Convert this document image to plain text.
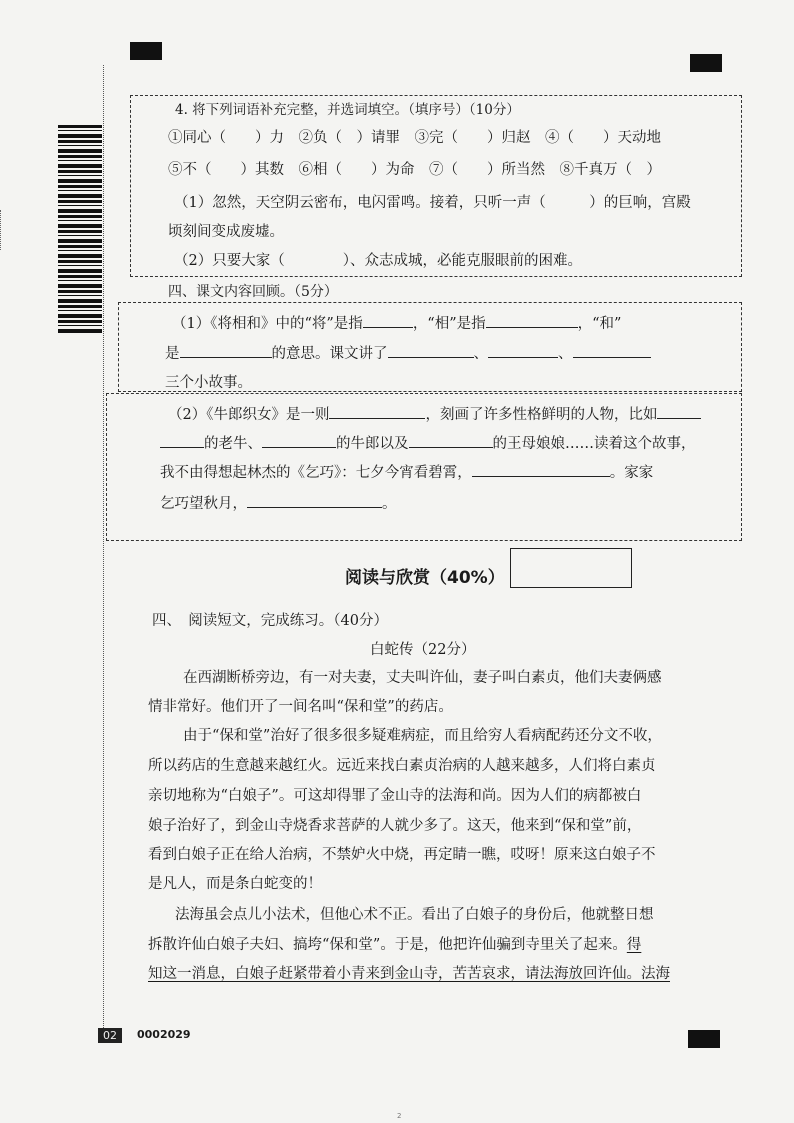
4. 将下列词语补充完整，并选词填空。（填序号）（10分）
①同心（　　）力　②负（　）请罪　③完（　　）归赵　④（　　）天动地
⑤不（　　）其数　⑥相（　　）为命　⑦（　　）所当然　⑧千真万（　）
（1）忽然，天空阴云密布，电闪雷鸣。接着，只听一声（　　　）的巨响，宫殿
顷刻间变成废墟。
（2）只要大家（　　　　）、众志成城，必能克服眼前的困难。
四、课文内容回顾。（5分）
（1）《将相和》中的“将”是指	，“相”是指	，“和”
是	的意思。课文讲了	、	、
三个小故事。
（2）《牛郎织女》是一则	，刻画了许多性格鲜明的人物，比如
的老牛、	的牛郎以及	的王母娘娘……读着这个故事，
我不由得想起林杰的《乞巧》：七夕今宵看碧霄，	。家家
乞巧望秋月，	。
阅读与欣赏（40%）
四、　阅读短文，完成练习。（40分）
白蛇传（22分）
在西湖断桥旁边，有一对夫妻，丈夫叫许仙，妻子叫白素贞，他们夫妻俩感
情非常好。他们开了一间名叫“保和堂”的药店。
由于“保和堂”治好了很多很多疑难病症，而且给穷人看病配药还分文不收，
所以药店的生意越来越红火。远近来找白素贞治病的人越来越多，人们将白素贞
亲切地称为“白娘子”。可这却得罪了金山寺的法海和尚。因为人们的病都被白
娘子治好了，到金山寺烧香求菩萨的人就少多了。这天，他来到“保和堂”前，
看到白娘子正在给人治病，不禁妒火中烧，再定睛一瞧，哎呀！原来这白娘子不
是凡人，而是条白蛇变的！
法海虽会点儿小法术，但他心术不正。看出了白娘子的身份后，他就整日想
拆散许仙白娘子夫妇、搞垮“保和堂”。于是，他把许仙骗到寺里关了起来。得
知这一消息，白娘子赶紧带着小青来到金山寺，苦苦哀求，请法海放回许仙。法海
02	0002029
2
